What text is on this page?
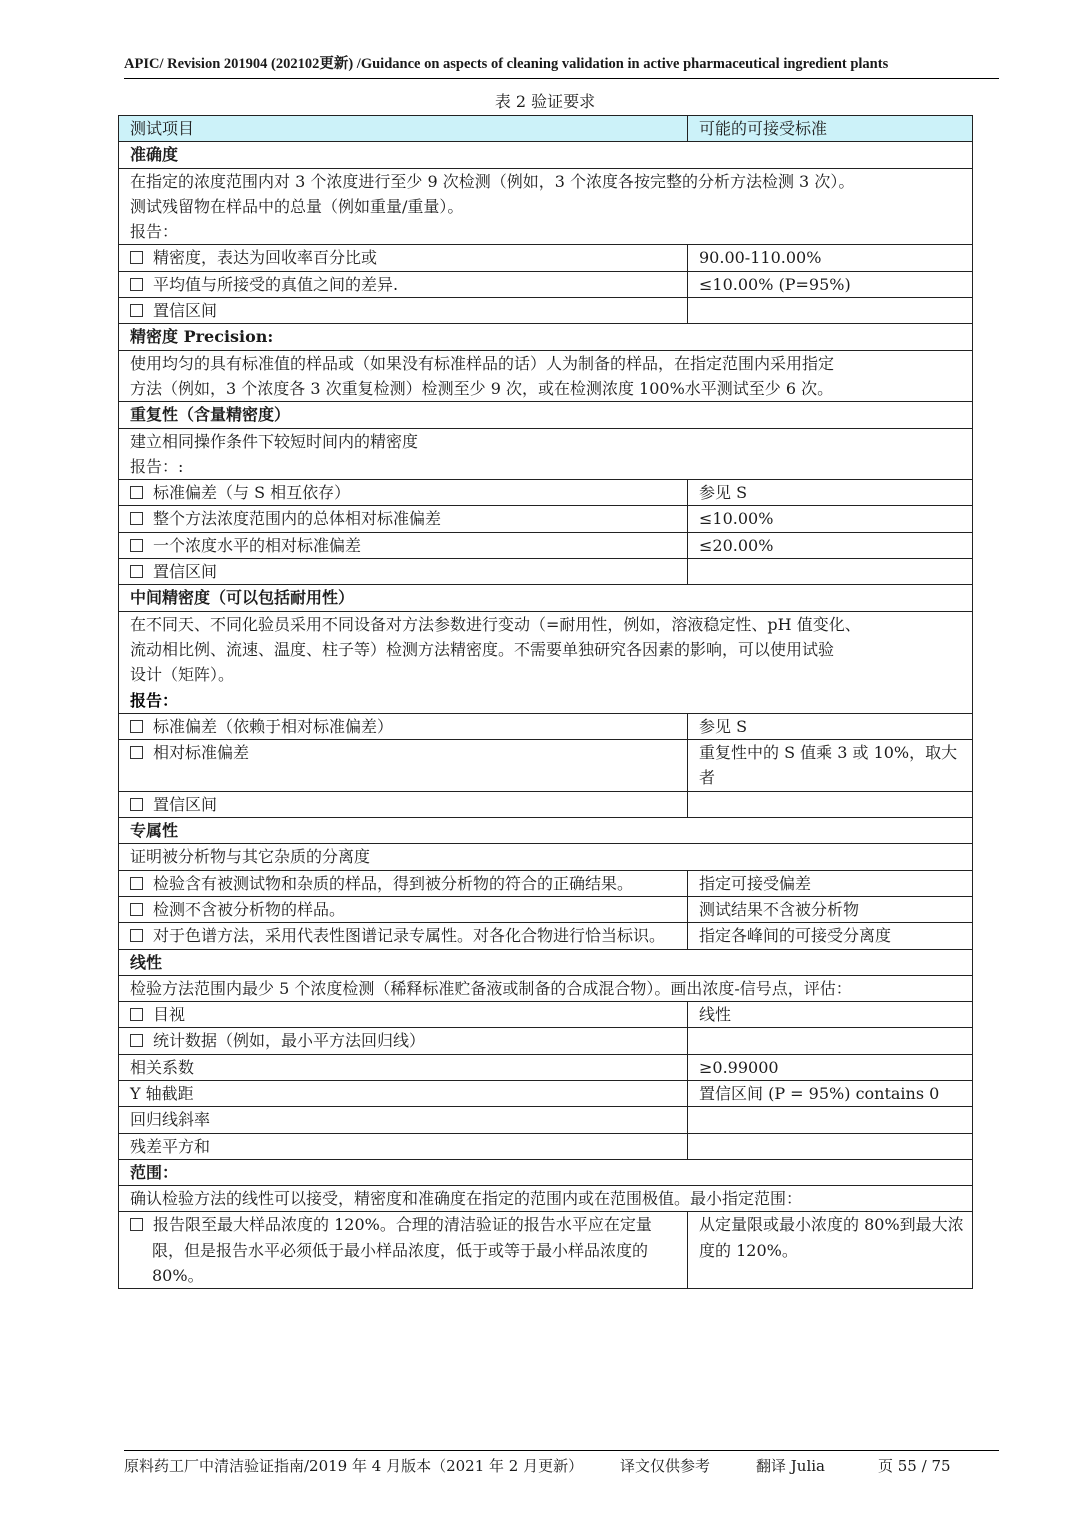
APIC/ Revision 201904 (202102更新) /Guidance on aspects of cleaning validation in active pharmaceutical ingredient plants
表 2 验证要求
测试项目	可能的可接受标准
准确度	

在指定的浓度范围内对 3 个浓度进行至少 9 次检测（例如，3 个浓度各按完整的分析方法检测 3 次）。
测试残留物在样品中的总量（例如重量/重量）。
报告：	

精密度，表达为回收率百分比或	90.00-110.00%
平均值与所接受的真值之间的差异.	≤10.00% (P=95%)
置信区间	
精密度 Precision:	

使用均匀的具有标准值的样品或（如果没有标准样品的话）人为制备的样品，在指定范围内采用指定
方法（例如，3 个浓度各 3 次重复检测）检测至少 9 次，或在检测浓度 100%水平测试至少 6 次。	

重复性（含量精密度）	

建立相同操作条件下较短时间内的精密度
报告：:	

标准偏差（与 S 相互依存）	参见 S
整个方法浓度范围内的总体相对标准偏差	≤10.00%
一个浓度水平的相对标准偏差	≤20.00%
置信区间	
中间精密度（可以包括耐用性）	

在不同天、不同化验员采用不同设备对方法参数进行变动（=耐用性，例如，溶液稳定性、pH 值变化、
流动相比例、流速、温度、柱子等）检测方法精密度。不需要单独研究各因素的影响，可以使用试验
设计（矩阵）。
报告：	

标准偏差（依赖于相对标准偏差）	参见 S
相对标准偏差	重复性中的 S 值乘 3 或 10%，取大者
置信区间	
专属性	
证明被分析物与其它杂质的分离度	
检验含有被测试物和杂质的样品，得到被分析物的符合的正确结果。	指定可接受偏差
检测不含被分析物的样品。	测试结果不含被分析物
对于色谱方法，采用代表性图谱记录专属性。对各化合物进行恰当标识。	指定各峰间的可接受分离度
线性	
检验方法范围内最少 5 个浓度检测（稀释标准贮备液或制备的合成混合物）。画出浓度-信号点，评估：	
目视	线性
统计数据（例如，最小平方法回归线）	
相关系数	≥0.99000
Y 轴截距	置信区间 (P = 95%) contains 0
回归线斜率	
残差平方和	
范围：	
确认检验方法的线性可以接受，精密度和准确度在指定的范围内或在范围极值。最小指定范围：	

报告限至最大样品浓度的 120%。合理的清洁验证的报告水平应在定量限，但是报告水平必须低于最小样品浓度，低于或等于最小样品浓度的 80%。	从定量限或最小浓度的 80%到最大浓度的 120%。
原料药工厂中清洁验证指南/2019 年 4 月版本（2021 年 2 月更新） 译文仅供参考	翻译 Julia	页 55 / 75
